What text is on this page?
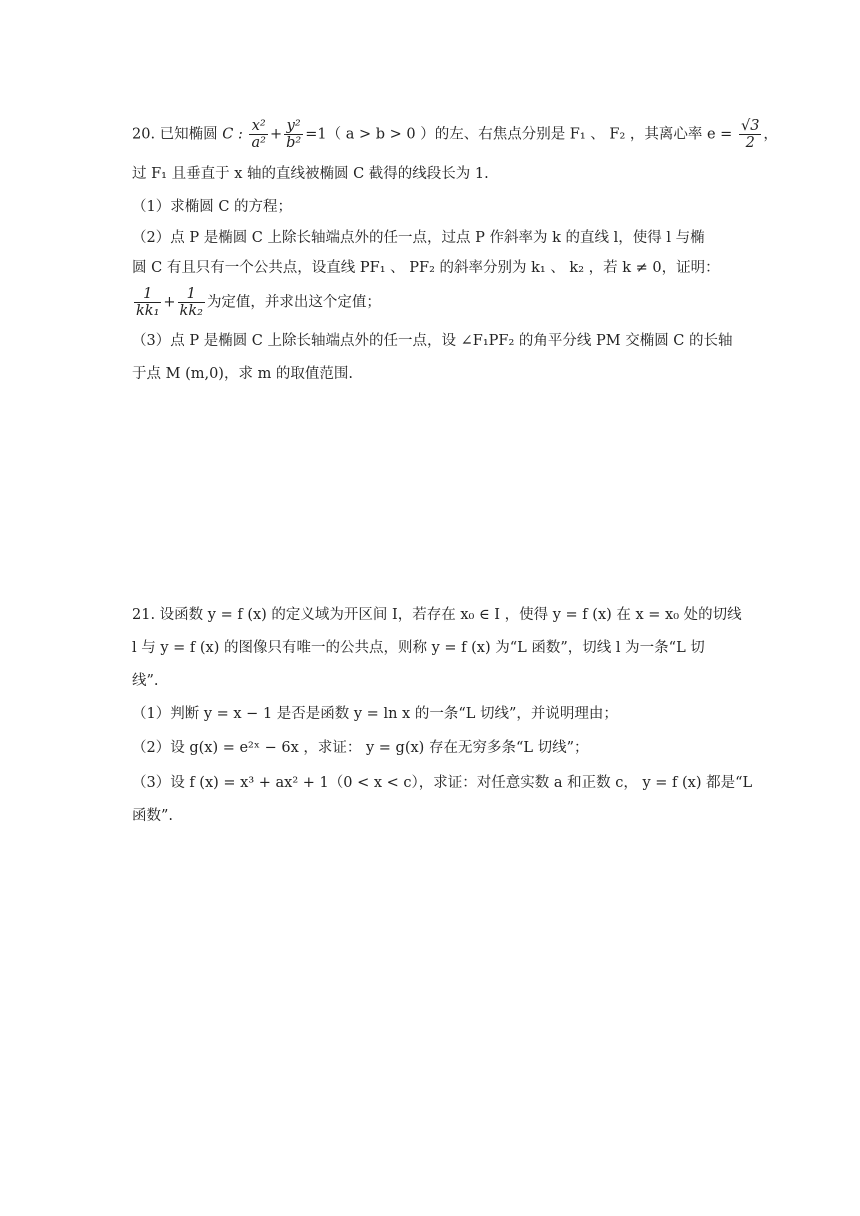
20. 已知椭圆 C : $\frac{\text{x²}}{\text{a²}} + \frac{\text{y²}}{\text{b²}} =1$（ a > b > 0 ）的左、右焦点分别是 F₁ 、 F₂ ，其离心率 $e = \frac{√3}{2}$ ，
过 F₁ 且垂直于 x 轴的直线被椭圆 C 截得的线段长为 1.
（1）求椭圆 C 的方程；
（2）点 P 是椭圆 C 上除长轴端点外的任一点，过点 P 作斜率为 k 的直线 l，使得 l 与椭
圆 C 有且只有一个公共点，设直线 PF₁ 、 PF₂ 的斜率分别为 k₁ 、 k₂ ，若 k ≠ 0，证明：
$\frac{1}{\text{kk₁}} + \frac{1}{\text{kk₂}}$ 为定值，并求出这个定值；
（3）点 P 是椭圆 C 上除长轴端点外的任一点，设 ∠F₁PF₂ 的角平分线 PM 交椭圆 C 的长轴
于点 M (m,0)，求 m 的取值范围.
21. 设函数 y = f (x) 的定义域为开区间 I，若存在 x₀ ∈ I ，使得 y = f (x) 在 x = x₀ 处的切线
l 与 y = f (x) 的图像只有唯一的公共点，则称 y = f (x) 为“L 函数”，切线 l 为一条“L 切
线”.
（1）判断 y = x − 1 是否是函数 y = ln x 的一条“L 切线”，并说明理由；
（2）设 g(x) = e²ˣ − 6x ，求证： y = g(x) 存在无穷多条“L 切线”；
（3）设 f (x) = x³ + ax² + 1（0 < x < c），求证：对任意实数 a 和正数 c， y = f (x) 都是“L
函数”.
